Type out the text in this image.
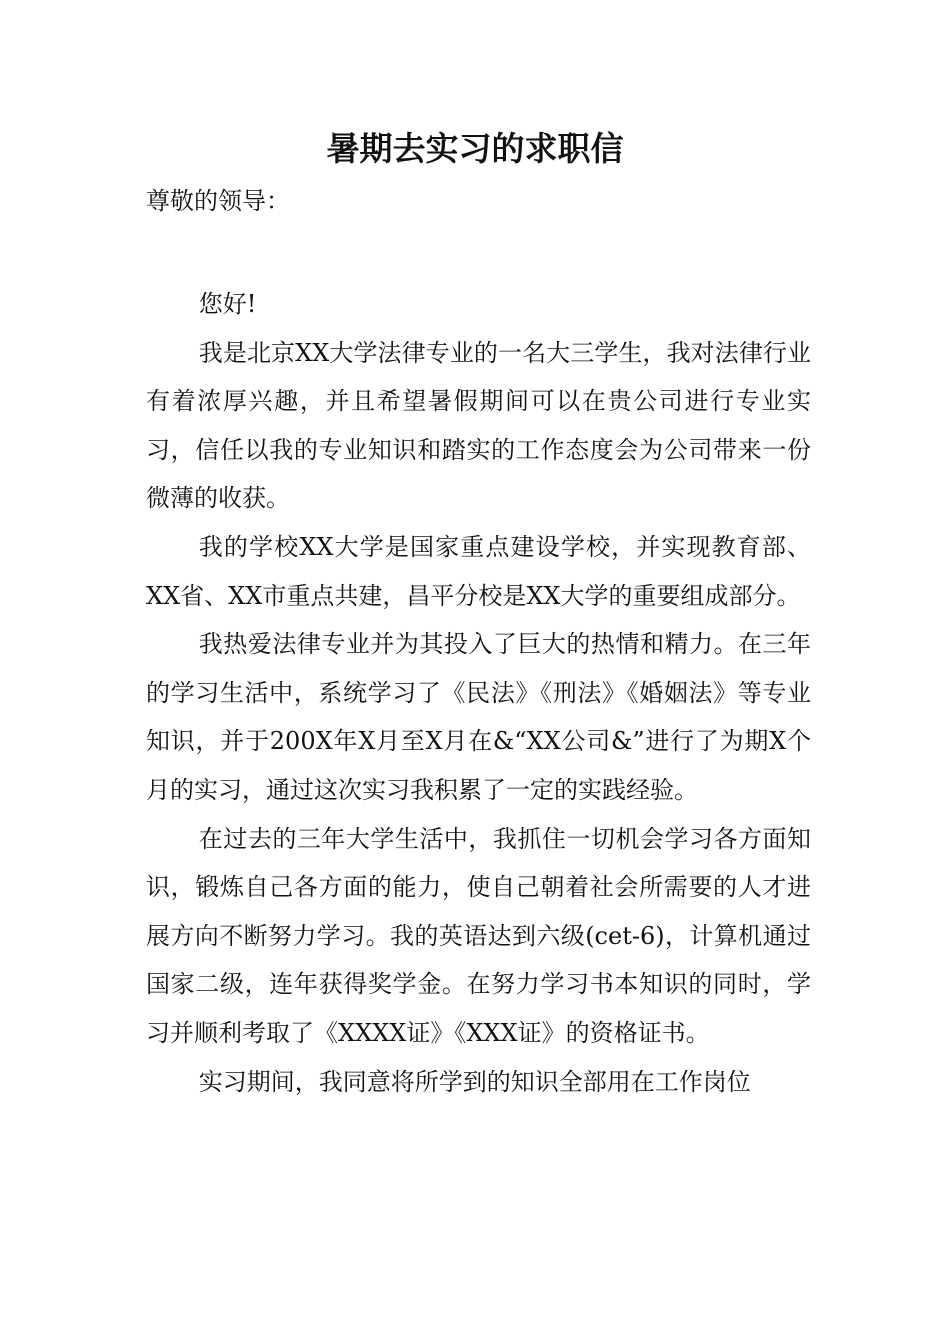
暑期去实习的求职信

尊敬的领导：

您好!

我是北京XX大学法律专业的一名大三学生，我对法律行业有着浓厚兴趣，并且希望暑假期间可以在贵公司进行专业实习，信任以我的专业知识和踏实的工作态度会为公司带来一份微薄的收获。

我的学校XX大学是国家重点建设学校，并实现教育部、XX省、XX市重点共建，昌平分校是XX大学的重要组成部分。

我热爱法律专业并为其投入了巨大的热情和精力。在三年的学习生活中，系统学习了《民法》《刑法》《婚姻法》等专业知识，并于200X年X月至X月在&“XX公司&”进行了为期X个月的实习，通过这次实习我积累了一定的实践经验。

在过去的三年大学生活中，我抓住一切机会学习各方面知识，锻炼自己各方面的能力，使自己朝着社会所需要的人才进展方向不断努力学习。我的英语达到六级(cet-6)，计算机通过国家二级，连年获得奖学金。在努力学习书本知识的同时，学习并顺利考取了《XXXX证》《XXX证》的资格证书。

实习期间，我同意将所学到的知识全部用在工作岗位
